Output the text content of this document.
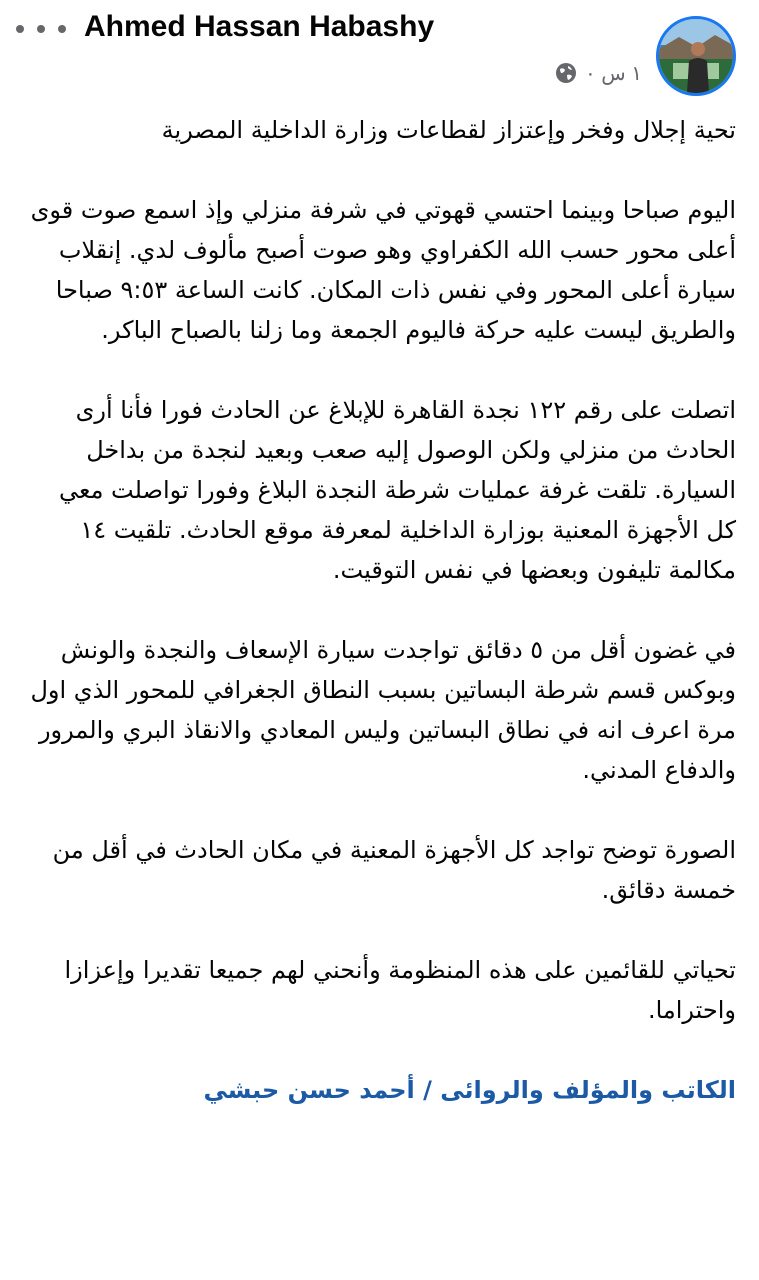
Ahmed Hassan Habashy
١ س ٠

تحية إجلال وفخر وإعتزاز لقطاعات وزارة الداخلية المصرية

اليوم صباحا وبينما احتسي قهوتي في شرفة منزلي وإذ اسمع صوت قوى أعلى محور حسب الله الكفراوي وهو صوت أصبح مألوف لدي. إنقلاب سيارة أعلى المحور وفي نفس ذات المكان. كانت الساعة ٩:٥٣ صباحا والطريق ليست عليه حركة فاليوم الجمعة وما زلنا بالصباح الباكر.

اتصلت على رقم ١٢٢ نجدة القاهرة للإبلاغ عن الحادث فورا فأنا أرى الحادث من منزلي ولكن الوصول إليه صعب وبعيد لنجدة من بداخل السيارة. تلقت غرفة عمليات شرطة النجدة البلاغ وفورا تواصلت معي كل الأجهزة المعنية بوزارة الداخلية لمعرفة موقع الحادث. تلقيت ١٤ مكالمة تليفون وبعضها في نفس التوقيت.

في غضون أقل من ٥ دقائق تواجدت سيارة الإسعاف والنجدة والونش وبوكس قسم شرطة البساتين بسبب النطاق الجغرافي للمحور الذي اول مرة اعرف انه في نطاق البساتين وليس المعادي والانقاذ البري والمرور والدفاع المدني.

الصورة توضح تواجد كل الأجهزة المعنية في مكان الحادث في أقل من خمسة دقائق.

تحياتي للقائمين على هذه المنظومة وأنحني لهم جميعا تقديرا وإعزازا واحتراما.

الكاتب والمؤلف والروائى / أحمد حسن حبشي
